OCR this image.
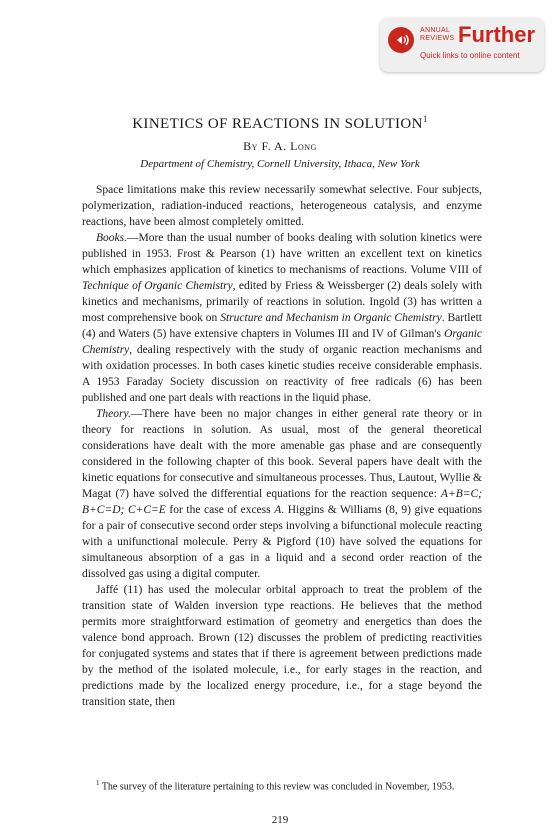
ANNUAL
REVIEWS Further
Quick links to online content
KINETICS OF REACTIONS IN SOLUTION$^1$
By F. A. Long
Department of Chemistry, Cornell University, Ithaca, New York

Space limitations make this review necessarily somewhat selective. Four subjects, polymerization, radiation-induced reactions, heterogeneous catalysis, and enzyme reactions, have been almost completely omitted.

Books.—More than the usual number of books dealing with solution kinetics were published in 1953. Frost & Pearson (1) have written an excellent text on kinetics which emphasizes application of kinetics to mechanisms of reactions. Volume VIII of Technique of Organic Chemistry, edited by Friess & Weissberger (2) deals solely with kinetics and mechanisms, primarily of reactions in solution. Ingold (3) has written a most comprehensive book on Structure and Mechanism in Organic Chemistry. Bartlett (4) and Waters (5) have extensive chapters in Volumes III and IV of Gilman's Organic Chemistry, dealing respectively with the study of organic reaction mechanisms and with oxidation processes. In both cases kinetic studies receive considerable emphasis. A 1953 Faraday Society discussion on reactivity of free radicals (6) has been published and one part deals with reactions in the liquid phase.

Theory.—There have been no major changes in either general rate theory or in theory for reactions in solution. As usual, most of the general theoretical considerations have dealt with the more amenable gas phase and are consequently considered in the following chapter of this book. Several papers have dealt with the kinetic equations for consecutive and simultaneous processes. Thus, Lautout, Wyllie & Magat (7) have solved the differential equations for the reaction sequence: A+B=C; B+C=D; C+C=E for the case of excess A. Higgins & Williams (8, 9) give equations for a pair of consecutive second order steps involving a bifunctional molecule reacting with a unifunctional molecule. Perry & Pigford (10) have solved the equations for simultaneous absorption of a gas in a liquid and a second order reaction of the dissolved gas using a digital computer.

Jaffé (11) has used the molecular orbital approach to treat the problem of the transition state of Walden inversion type reactions. He believes that the method permits more straightforward estimation of geometry and energetics than does the valence bond approach. Brown (12) discusses the problem of predicting reactivities for conjugated systems and states that if there is agreement between predictions made by the method of the isolated molecule, i.e., for early stages in the reaction, and predictions made by the localized energy procedure, i.e., for a stage beyond the transition state, then

$^1$ The survey of the literature pertaining to this review was concluded in November, 1953.
219
